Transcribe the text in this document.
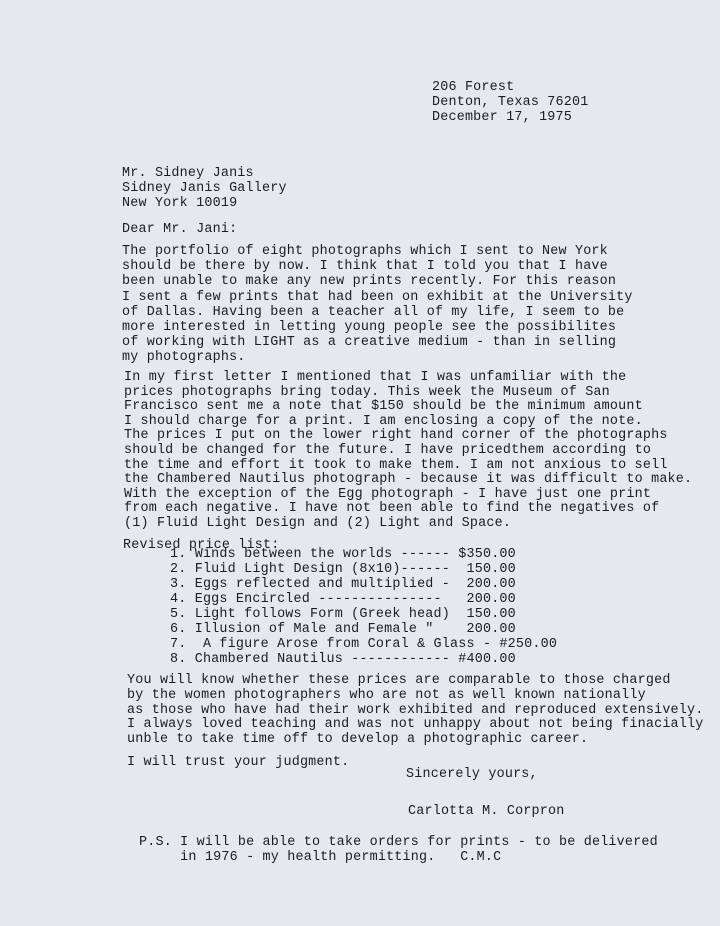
206 Forest
Denton, Texas 76201
December 17, 1975
Mr. Sidney Janis
Sidney Janis Gallery
New York 10019
Dear Mr. Jani:
The portfolio of eight photographs which I sent to New York
should be there by now. I think that I told you that I have
been unable to make any new prints recently. For this reason
I sent a few prints that had been on exhibit at the University
of Dallas. Having been a teacher all of my life, I seem to be
more interested in letting young people see the possibilites
of working with LIGHT as a creative medium - than in selling
my photographs.
In my first letter I mentioned that I was unfamiliar with the
prices photographs bring today. This week the Museum of San
Francisco sent me a note that $150 should be the minimum amount
I should charge for a print. I am enclosing a copy of the note.
The prices I put on the lower right hand corner of the photographs
should be changed for the future. I have pricedthem according to
the time and effort it took to make them. I am not anxious to sell
the Chambered Nautilus photograph - because it was difficult to make.
With the exception of the Egg photograph - I have just one print
from each negative. I have not been able to find the negatives of
(1) Fluid Light Design and (2) Light and Space.
Revised price list:
1. Winds between the worlds ------ $350.00
2. Fluid Light Design (8x10)------  150.00
3. Eggs reflected and multiplied -  200.00
4. Eggs Encircled ---------------   200.00
5. Light follows Form (Greek head)  150.00
6. Illusion of Male and Female "    200.00
7.  A figure Arose from Coral & Glass - #250.00
8. Chambered Nautilus ------------ #400.00
You will know whether these prices are comparable to those charged
by the women photographers who are not as well known nationally
as those who have had their work exhibited and reproduced extensively.
I always loved teaching and was not unhappy about not being finacially
unble to take time off to develop a photographic career.
I will trust your judgment.
Sincerely yours,
Carlotta M. Corpron
P.S. I will be able to take orders for prints - to be delivered
in 1976 - my health permitting.   C.M.C
